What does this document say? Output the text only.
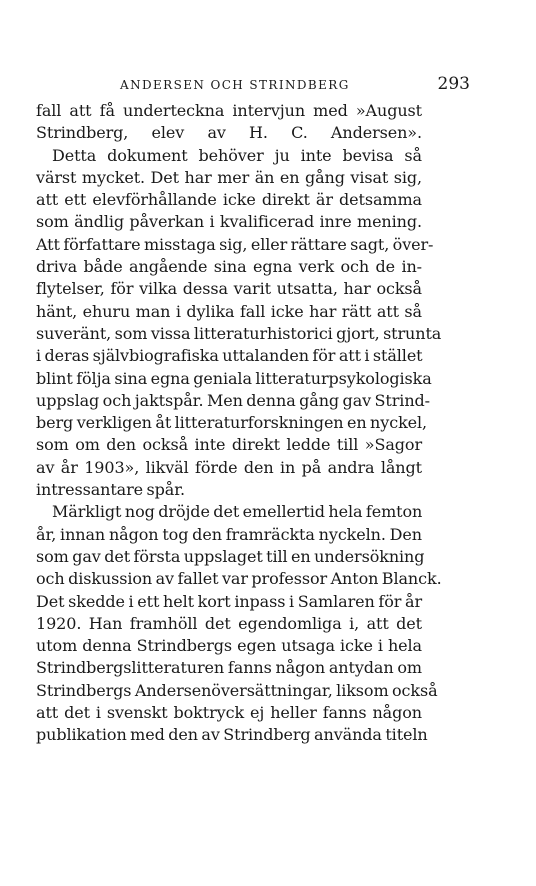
ANDERSEN OCH STRINDBERG	293
fall att få underteckna intervjun med »August
Strindberg, elev av H. C. Andersen».
Detta dokument behöver ju inte bevisa så
värst mycket. Det har mer än en gång visat sig,
att ett elevförhållande icke direkt är detsamma
som ändlig påverkan i kvalificerad inre mening.
Att författare misstaga sig, eller rättare sagt, över-
driva både angående sina egna verk och de in-
flytelser, för vilka dessa varit utsatta, har också
hänt, ehuru man i dylika fall icke har rätt att så
suveränt, som vissa litteraturhistorici gjort, strunta
i deras självbiografiska uttalanden för att i stället
blint följa sina egna geniala litteraturpsykologiska
uppslag och jaktspår. Men denna gång gav Strind-
berg verkligen åt litteraturforskningen en nyckel,
som om den också inte direkt ledde till »Sagor
av år 1903», likväl förde den in på andra långt
intressantare spår.
Märkligt nog dröjde det emellertid hela femton
år, innan någon tog den framräckta nyckeln. Den
som gav det första uppslaget till en undersökning
och diskussion av fallet var professor Anton Blanck.
Det skedde i ett helt kort inpass i Samlaren för år
1920. Han framhöll det egendomliga i, att det
utom denna Strindbergs egen utsaga icke i hela
Strindbergslitteraturen fanns någon antydan om
Strindbergs Andersenöversättningar, liksom också
att det i svenskt boktryck ej heller fanns någon
publikation med den av Strindberg använda titeln
